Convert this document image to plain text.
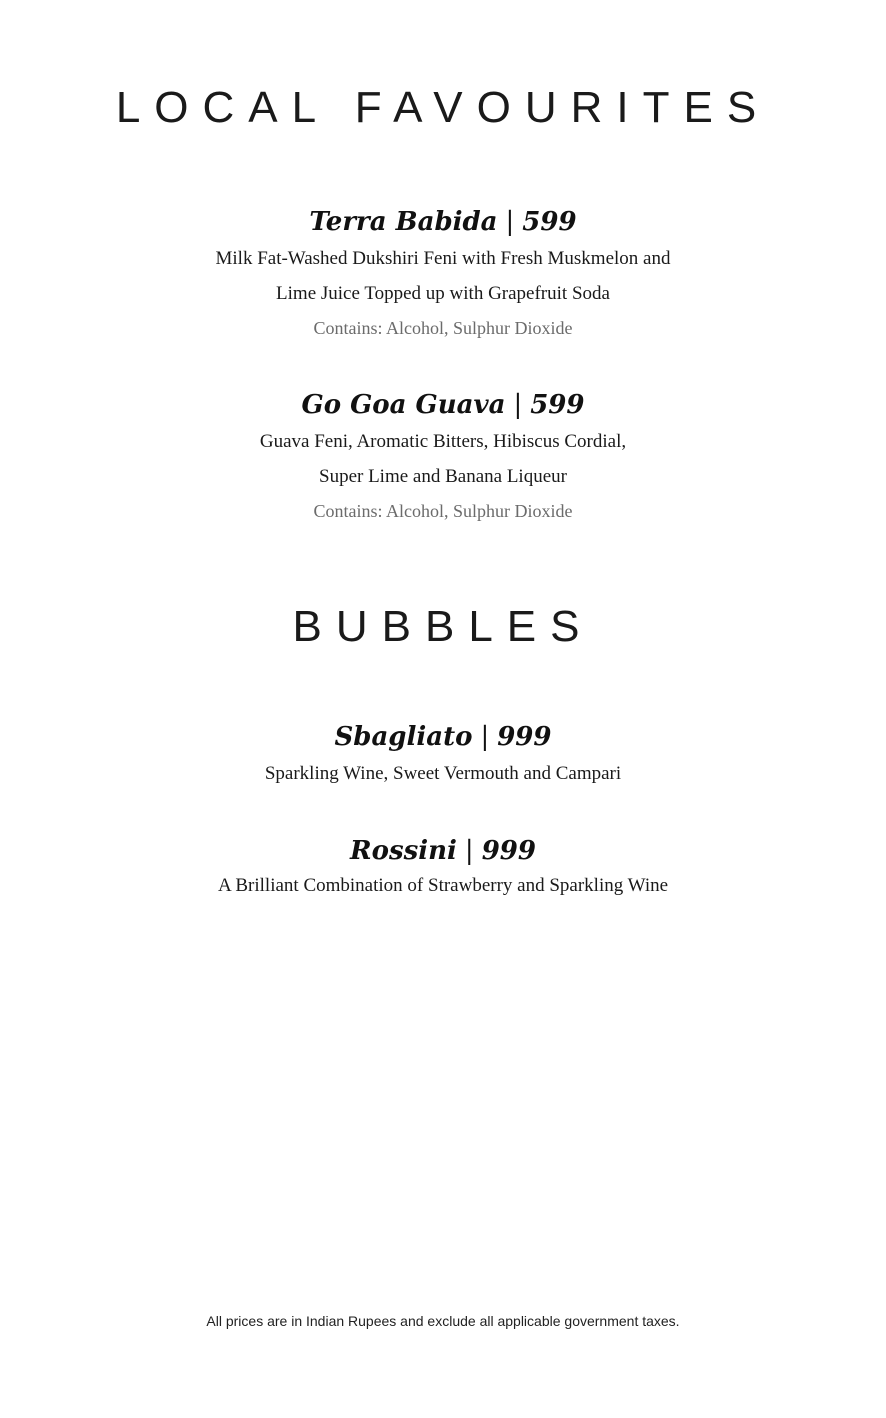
LOCAL FAVOURITES

Terra Babida | 599

Milk Fat-Washed Dukshiri Feni with Fresh Muskmelon and

Lime Juice Topped up with Grapefruit Soda

Contains: Alcohol, Sulphur Dioxide

Go Goa Guava | 599

Guava Feni, Aromatic Bitters, Hibiscus Cordial,

Super Lime and Banana Liqueur

Contains: Alcohol, Sulphur Dioxide

BUBBLES

Sbagliato | 999

Sparkling Wine, Sweet Vermouth and Campari

Rossini | 999

A Brilliant Combination of Strawberry and Sparkling Wine

All prices are in Indian Rupees and exclude all applicable government taxes.
